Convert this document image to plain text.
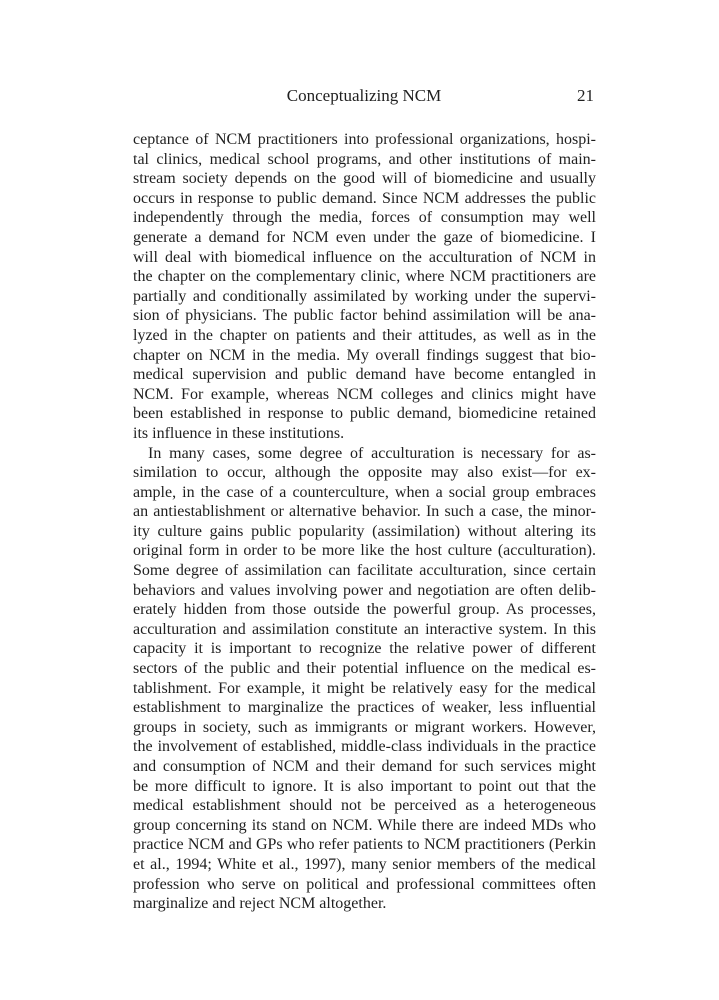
Conceptualizing NCM	21

ceptance of NCM practitioners into professional organizations, hospi-
tal clinics, medical school programs, and other institutions of main-
stream society depends on the good will of biomedicine and usually
occurs in response to public demand. Since NCM addresses the public
independently through the media, forces of consumption may well
generate a demand for NCM even under the gaze of biomedicine. I
will deal with biomedical influence on the acculturation of NCM in
the chapter on the complementary clinic, where NCM practitioners are
partially and conditionally assimilated by working under the supervi-
sion of physicians. The public factor behind assimilation will be ana-
lyzed in the chapter on patients and their attitudes, as well as in the
chapter on NCM in the media. My overall findings suggest that bio-
medical supervision and public demand have become entangled in
NCM. For example, whereas NCM colleges and clinics might have
been established in response to public demand, biomedicine retained
its influence in these institutions.

In many cases, some degree of acculturation is necessary for as-
similation to occur, although the opposite may also exist—for ex-
ample, in the case of a counterculture, when a social group embraces
an antiestablishment or alternative behavior. In such a case, the minor-
ity culture gains public popularity (assimilation) without altering its
original form in order to be more like the host culture (acculturation).
Some degree of assimilation can facilitate acculturation, since certain
behaviors and values involving power and negotiation are often delib-
erately hidden from those outside the powerful group. As processes,
acculturation and assimilation constitute an interactive system. In this
capacity it is important to recognize the relative power of different
sectors of the public and their potential influence on the medical es-
tablishment. For example, it might be relatively easy for the medical
establishment to marginalize the practices of weaker, less influential
groups in society, such as immigrants or migrant workers. However,
the involvement of established, middle-class individuals in the practice
and consumption of NCM and their demand for such services might
be more difficult to ignore. It is also important to point out that the
medical establishment should not be perceived as a heterogeneous
group concerning its stand on NCM. While there are indeed MDs who
practice NCM and GPs who refer patients to NCM practitioners (Perkin
et al., 1994; White et al., 1997), many senior members of the medical
profession who serve on political and professional committees often
marginalize and reject NCM altogether.
